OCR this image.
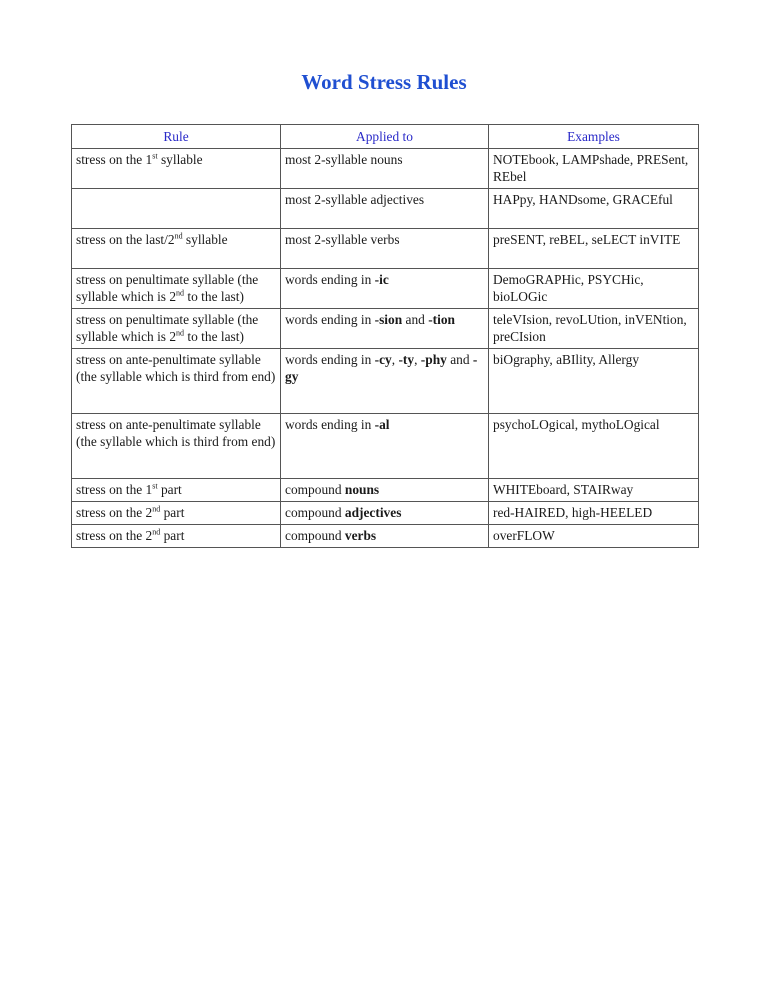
Word Stress Rules
Rule	Applied to	Examples
stress on the 1st syllable	most 2-syllable nouns	NOTEbook, LAMPshade, PRESent, REbel
	most 2-syllable adjectives	HAPpy, HANDsome, GRACEful
stress on the last/2nd syllable	most 2-syllable verbs	preSENT, reBEL, seLECT inVITE
stress on penultimate syllable (the syllable which is 2nd to the last)	words ending in -ic	DemoGRAPHic, PSYCHic, bioLOGic
stress on penultimate syllable (the syllable which is 2nd to the last)	words ending in -sion and -tion	teleVIsion, revoLUtion, inVENtion, preCIsion
stress on ante-penultimate syllable (the syllable which is third from end)	words ending in -cy, -ty, -phy and -gy	biOgraphy, aBIlity, Allergy
stress on ante-penultimate syllable (the syllable which is third from end)	words ending in -al	psychoLOgical, mythoLOgical
stress on the 1st part	compound nouns	WHITEboard, STAIRway
stress on the 2nd part	compound adjectives	red-HAIRED, high-HEELED
stress on the 2nd part	compound verbs	overFLOW
